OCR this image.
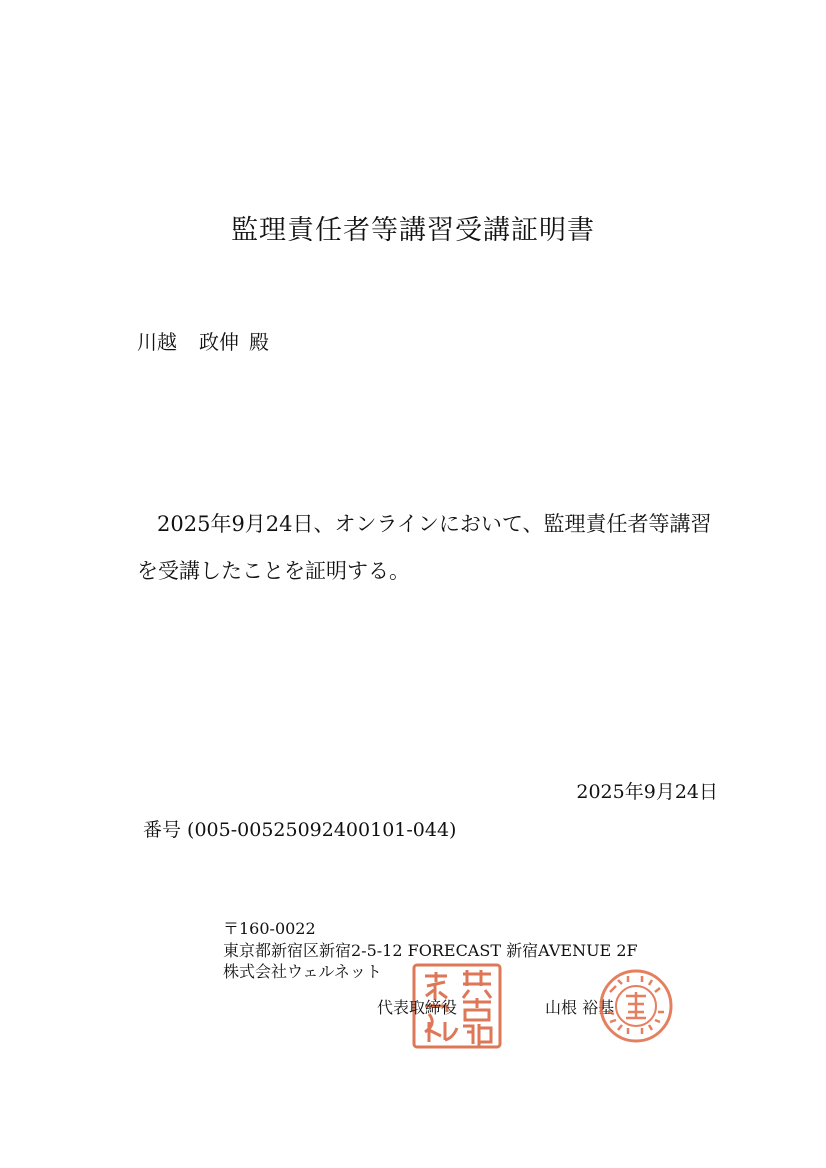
監理責任者等講習受講証明書
川越 政伸 殿
2025年9月24日、オンラインにおいて、監理責任者等講習
を受講したことを証明する。
2025年9月24日
番号 (005-00525092400101-044)
〒160-0022
東京都新宿区新宿2-5-12 FORECAST 新宿AVENUE 2F
株式会社ウェルネット
代表取締役	山根 裕基
